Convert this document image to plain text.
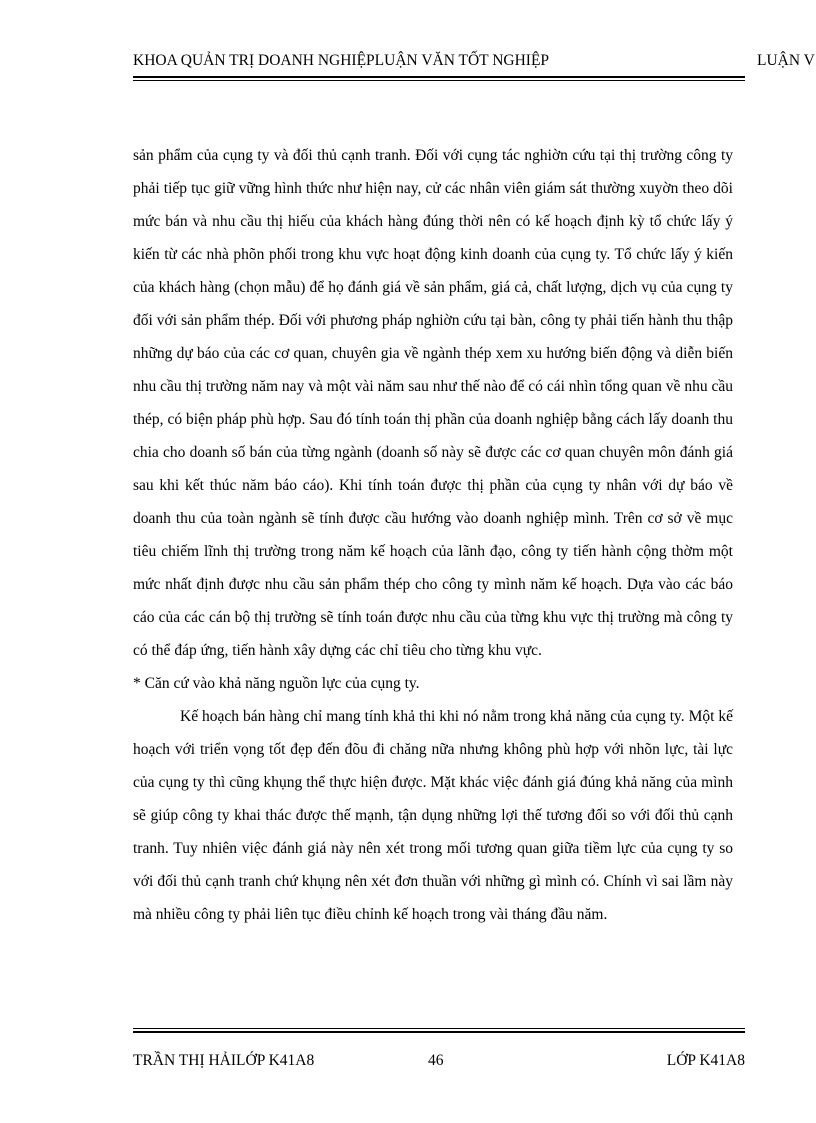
KHOA QUẢN TRỊ DOANH NGHIỆPLUẬN VĂN TỐT NGHIỆP	LUẬN V

sản phẩm của cụng ty và đối thủ cạnh tranh. Đối với cụng tác nghiờn cứu tại thị trường công ty phải tiếp tục giữ vững hình thức như hiện nay, cử các nhân viên giám sát thường xuyờn theo dõi mức bán và nhu cầu thị hiếu của khách hàng đúng thời nên có kế hoạch định kỳ tổ chức lấy ý kiến từ các nhà phõn phối trong khu vực hoạt động kinh doanh của cụng ty. Tổ chức lấy ý kiến của khách hàng (chọn mẫu) để họ đánh giá về sản phẩm, giá cả, chất lượng, dịch vụ của cụng ty đối với sản phẩm thép. Đối với phương pháp nghiờn cứu tại bàn, công ty phải tiến hành thu thập những dự báo của các cơ quan, chuyên gia về ngành thép xem xu hướng biến động và diễn biến nhu cầu thị trường năm nay và một vài năm sau như thế nào để có cái nhìn tổng quan về nhu cầu thép, có biện pháp phù hợp. Sau đó tính toán thị phần của doanh nghiệp bằng cách lấy doanh thu chia cho doanh số bán của từng ngành (doanh số này sẽ được các cơ quan chuyên môn đánh giá sau khi kết thúc năm báo cáo). Khi tính toán được thị phần của cụng ty nhân với dự báo về doanh thu của toàn ngành sẽ tính được cầu hướng vào doanh nghiệp mình. Trên cơ sở về mục tiêu chiếm lĩnh thị trường trong năm kế hoạch của lãnh đạo, công ty tiến hành cộng thờm một mức nhất định được nhu cầu sản phẩm thép cho công ty mình năm kế hoạch. Dựa vào các báo cáo của các cán bộ thị trường sẽ tính toán được nhu cầu của từng khu vực thị trường mà công ty có thể đáp ứng, tiến hành xây dựng các chỉ tiêu cho từng khu vực.

* Căn cứ vào khả năng nguồn lực của cụng ty.

Kế hoạch bán hàng chỉ mang tính khả thi khi nó nằm trong khả năng của cụng ty. Một kế hoạch với triển vọng tốt đẹp đến đõu đi chăng nữa nhưng không phù hợp với nhõn lực, tài lực của cụng ty thì cũng khụng thể thực hiện được. Mặt khác việc đánh giá đúng khả năng của mình sẽ giúp công ty khai thác được thế mạnh, tận dụng những lợi thế tương đối so với đối thủ cạnh tranh. Tuy nhiên việc đánh giá này nên xét trong mối tương quan giữa tiềm lực của cụng ty so với đối thủ cạnh tranh chứ khụng nên xét đơn thuần với những gì mình có. Chính vì sai lầm này mà nhiều công ty phải liên tục điều chỉnh kế hoạch trong vài tháng đầu năm.

TRẦN THỊ HẢILỚP K41A8	46	LỚP K41A8
